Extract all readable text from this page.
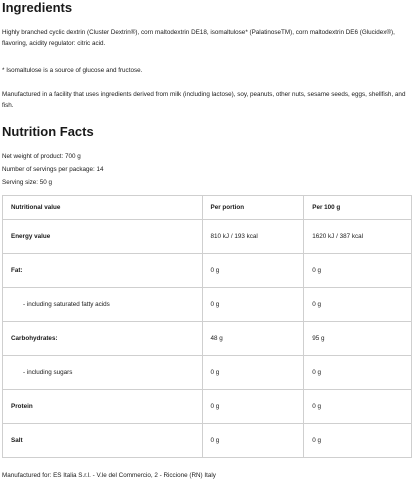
Ingredients

Highly branched cyclic dextrin (Cluster Dextrin®), corn maltodextrin DE18, isomaltulose* (PalatinoseTM), corn maltodextrin DE6 (Glucidex®), flavoring, acidity regulator: citric acid.

* Isomaltulose is a source of glucose and fructose.

Manufactured in a facility that uses ingredients derived from milk (including lactose), soy, peanuts, other nuts, sesame seeds, eggs, shellfish, and fish.

Nutrition Facts

Net weight of product: 700 g

Number of servings per package: 14

Serving size: 50 g

Nutritional value	Per portion	Per 100 g
Energy value	810 kJ / 193 kcal	1620 kJ / 387 kcal
Fat:	0 g	0 g
- including saturated fatty acids	0 g	0 g
Carbohydrates:	48 g	95 g
- including sugars	0 g	0 g
Protein	0 g	0 g
Salt	0 g	0 g

Manufactured for: ES Italia S.r.l. - V.le del Commercio, 2 - Riccione (RN) Italy
